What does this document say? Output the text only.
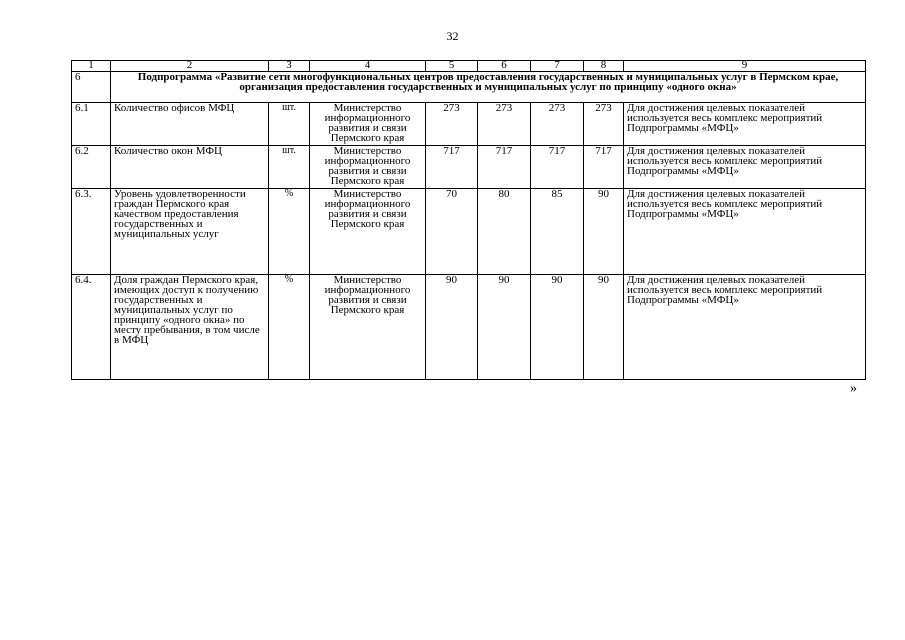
32
1	2	3	4	5	6	7	8	9
6	Подпрограмма «Развитие сети многофункциональных центров предоставления государственных и муниципальных услуг в Пермском крае, организация предоставления государственных и муниципальных услуг по принципу «одного окна»							
6.1	Количество офисов МФЦ	шт.	Министерство информационного развития и связи Пермского края	273	273	273	273	Для достижения целевых показателей используется весь комплекс мероприятий Подпрограммы «МФЦ»
6.2	Количество окон МФЦ	шт.	Министерство информационного развития и связи Пермского края	717	717	717	717	Для достижения целевых показателей используется весь комплекс мероприятий Подпрограммы «МФЦ»
6.3.	Уровень удовлетворенности граждан Пермского края качеством предоставления государственных и муниципальных услуг	%	Министерство информационного развития и связи Пермского края	70	80	85	90	Для достижения целевых показателей используется весь комплекс мероприятий Подпрограммы «МФЦ»
6.4.	Доля граждан Пермского края, имеющих доступ к получению государственных и муниципальных услуг по принципу «одного окна» по месту пребывания, в том числе в МФЦ	%	Министерство информационного развития и связи Пермского края	90	90	90	90	Для достижения целевых показателей используется весь комплекс мероприятий Подпрограммы «МФЦ»
»
